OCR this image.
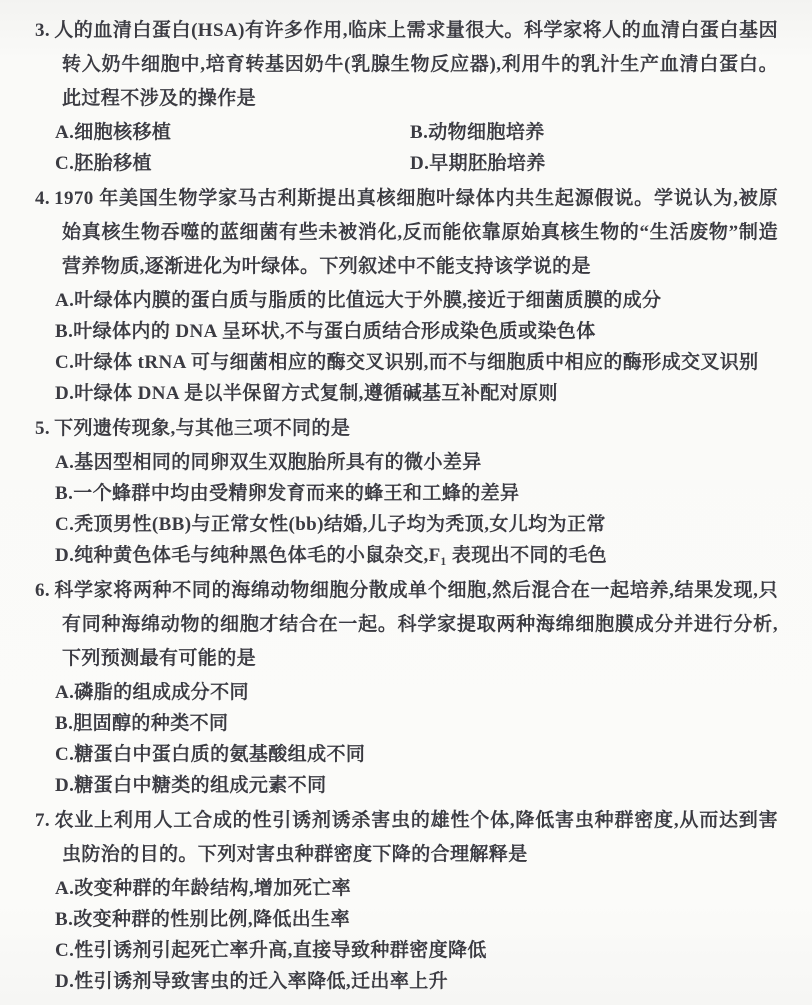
3. 人的血清白蛋白(HSA)有许多作用,临床上需求量很大。科学家将人的血清白蛋白基因转入奶牛细胞中,培育转基因奶牛(乳腺生物反应器),利用牛的乳汁生产血清白蛋白。此过程不涉及的操作是
A.细胞核移植	B.动物细胞培养
C.胚胎移植	D.早期胚胎培养
4. 1970 年美国生物学家马古利斯提出真核细胞叶绿体内共生起源假说。学说认为,被原始真核生物吞噬的蓝细菌有些未被消化,反而能依靠原始真核生物的“生活废物”制造营养物质,逐渐进化为叶绿体。下列叙述中不能支持该学说的是
A.叶绿体内膜的蛋白质与脂质的比值远大于外膜,接近于细菌质膜的成分
B.叶绿体内的 DNA 呈环状,不与蛋白质结合形成染色质或染色体
C.叶绿体 tRNA 可与细菌相应的酶交叉识别,而不与细胞质中相应的酶形成交叉识别
D.叶绿体 DNA 是以半保留方式复制,遵循碱基互补配对原则
5. 下列遗传现象,与其他三项不同的是
A.基因型相同的同卵双生双胞胎所具有的微小差异
B.一个蜂群中均由受精卵发育而来的蜂王和工蜂的差异
C.秃顶男性(BB)与正常女性(bb)结婚,儿子均为秃顶,女儿均为正常
D.纯种黄色体毛与纯种黑色体毛的小鼠杂交,F₁ 表现出不同的毛色
6. 科学家将两种不同的海绵动物细胞分散成单个细胞,然后混合在一起培养,结果发现,只有同种海绵动物的细胞才结合在一起。科学家提取两种海绵细胞膜成分并进行分析,下列预测最有可能的是
A.磷脂的组成成分不同
B.胆固醇的种类不同
C.糖蛋白中蛋白质的氨基酸组成不同
D.糖蛋白中糖类的组成元素不同
7. 农业上利用人工合成的性引诱剂诱杀害虫的雄性个体,降低害虫种群密度,从而达到害虫防治的目的。下列对害虫种群密度下降的合理解释是
A.改变种群的年龄结构,增加死亡率
B.改变种群的性别比例,降低出生率
C.性引诱剂引起死亡率升高,直接导致种群密度降低
D.性引诱剂导致害虫的迁入率降低,迁出率上升
